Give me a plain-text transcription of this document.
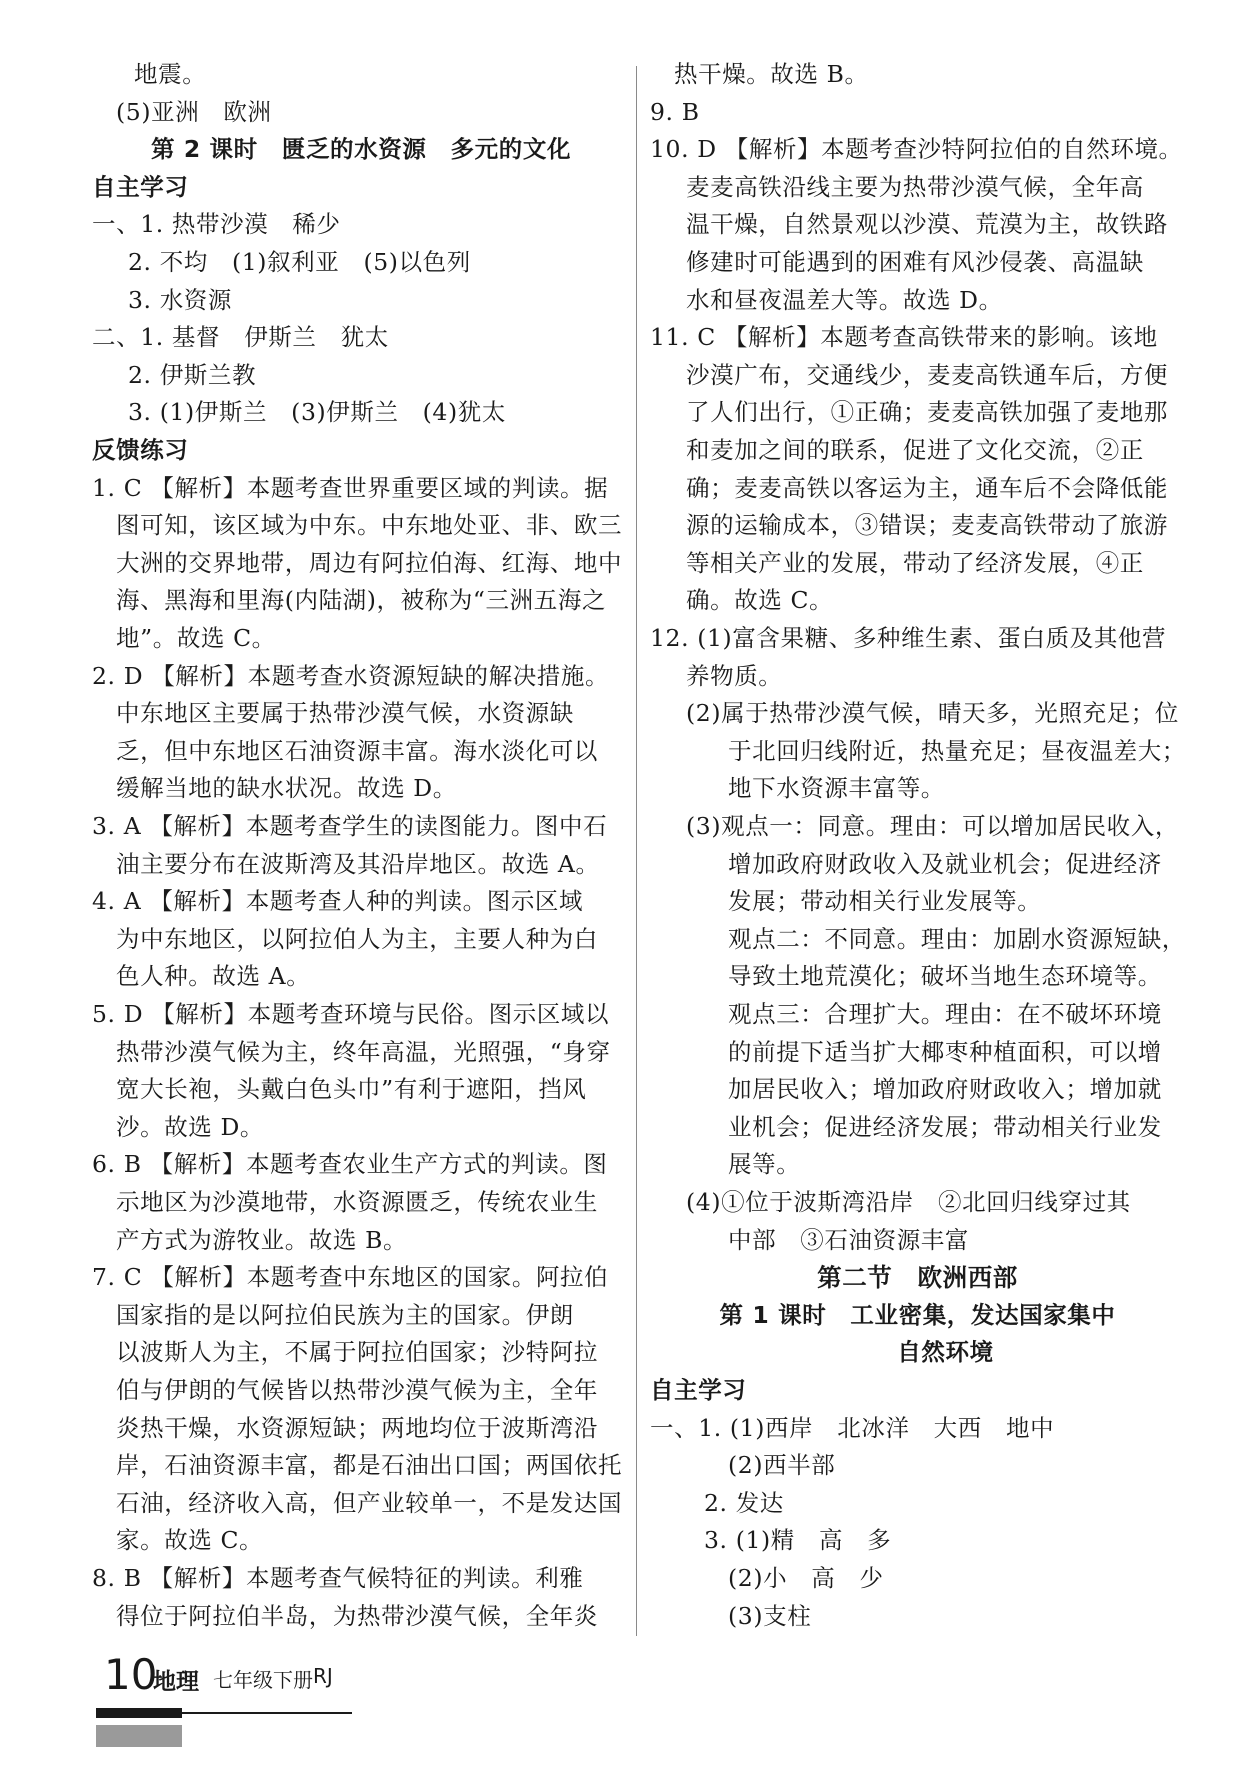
地震。
(5)亚洲　欧洲
第 2 课时　匮乏的水资源　多元的文化
自主学习
一、1. 热带沙漠　稀少
2. 不均　(1)叙利亚　(5)以色列
3. 水资源
二、1. 基督　伊斯兰　犹太
2. 伊斯兰教
3. (1)伊斯兰　(3)伊斯兰　(4)犹太
反馈练习
1. C 【解析】本题考查世界重要区域的判读。据
图可知，该区域为中东。中东地处亚、非、欧三
大洲的交界地带，周边有阿拉伯海、红海、地中
海、黑海和里海(内陆湖)，被称为“三洲五海之
地”。故选 C。
2. D 【解析】本题考查水资源短缺的解决措施。
中东地区主要属于热带沙漠气候，水资源缺
乏，但中东地区石油资源丰富。海水淡化可以
缓解当地的缺水状况。故选 D。
3. A 【解析】本题考查学生的读图能力。图中石
油主要分布在波斯湾及其沿岸地区。故选 A。
4. A 【解析】本题考查人种的判读。图示区域
为中东地区，以阿拉伯人为主，主要人种为白
色人种。故选 A。
5. D 【解析】本题考查环境与民俗。图示区域以
热带沙漠气候为主，终年高温，光照强，“身穿
宽大长袍，头戴白色头巾”有利于遮阳，挡风
沙。故选 D。
6. B 【解析】本题考查农业生产方式的判读。图
示地区为沙漠地带，水资源匮乏，传统农业生
产方式为游牧业。故选 B。
7. C 【解析】本题考查中东地区的国家。阿拉伯
国家指的是以阿拉伯民族为主的国家。伊朗
以波斯人为主，不属于阿拉伯国家；沙特阿拉
伯与伊朗的气候皆以热带沙漠气候为主，全年
炎热干燥，水资源短缺；两地均位于波斯湾沿
岸，石油资源丰富，都是石油出口国；两国依托
石油，经济收入高，但产业较单一，不是发达国
家。故选 C。
8. B 【解析】本题考查气候特征的判读。利雅
得位于阿拉伯半岛，为热带沙漠气候，全年炎
热干燥。故选 B。
9. B
10. D 【解析】本题考查沙特阿拉伯的自然环境。
麦麦高铁沿线主要为热带沙漠气候，全年高
温干燥，自然景观以沙漠、荒漠为主，故铁路
修建时可能遇到的困难有风沙侵袭、高温缺
水和昼夜温差大等。故选 D。
11. C 【解析】本题考查高铁带来的影响。该地
沙漠广布，交通线少，麦麦高铁通车后，方便
了人们出行，①正确；麦麦高铁加强了麦地那
和麦加之间的联系，促进了文化交流，②正
确；麦麦高铁以客运为主，通车后不会降低能
源的运输成本，③错误；麦麦高铁带动了旅游
等相关产业的发展，带动了经济发展，④正
确。故选 C。
12. (1)富含果糖、多种维生素、蛋白质及其他营
养物质。
(2)属于热带沙漠气候，晴天多，光照充足；位
于北回归线附近，热量充足；昼夜温差大；
地下水资源丰富等。
(3)观点一：同意。理由：可以增加居民收入，
增加政府财政收入及就业机会；促进经济
发展；带动相关行业发展等。
观点二：不同意。理由：加剧水资源短缺，
导致土地荒漠化；破坏当地生态环境等。
观点三：合理扩大。理由：在不破坏环境
的前提下适当扩大椰枣种植面积，可以增
加居民收入；增加政府财政收入；增加就
业机会；促进经济发展；带动相关行业发
展等。
(4)①位于波斯湾沿岸　②北回归线穿过其
中部　③石油资源丰富
第二节　欧洲西部
第 1 课时　工业密集，发达国家集中
自然环境
自主学习
一、1. (1)西岸　北冰洋　大西　地中
(2)西半部
2. 发达
3. (1)精　高　多
(2)小　高　少
(3)支柱
10
地理 七年级下册 RJ
